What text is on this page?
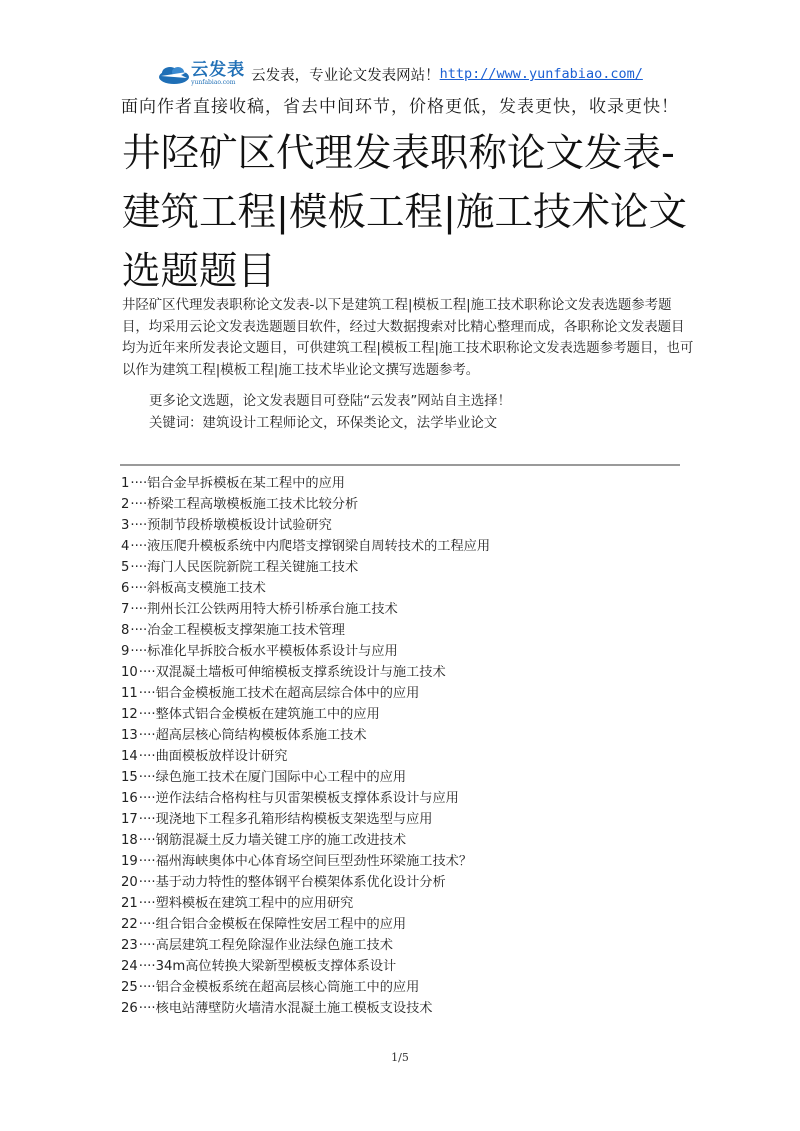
云发表
yunfabiao.com 云发表，专业论文发表网站！ http://www.yunfabiao.com/
面向作者直接收稿，省去中间环节，价格更低，发表更快，收录更快！
井陉矿区代理发表职称论文发表-建筑工程|模板工程|施工技术论文选题题目

井陉矿区代理发表职称论文发表-以下是建筑工程|模板工程|施工技术职称论文发表选题参考题目，均采用云论文发表选题题目软件，经过大数据搜索对比精心整理而成，各职称论文发表题目均为近年来所发表论文题目，可供建筑工程|模板工程|施工技术职称论文发表选题参考题目，也可以作为建筑工程|模板工程|施工技术毕业论文撰写选题参考。

更多论文选题，论文发表题目可登陆“云发表”网站自主选择！

关键词：建筑设计工程师论文，环保类论文，法学毕业论文

1····铝合金早拆模板在某工程中的应用
2····桥梁工程高墩模板施工技术比较分析
3····预制节段桥墩模板设计试验研究
4····液压爬升模板系统中内爬塔支撑钢梁自周转技术的工程应用
5····海门人民医院新院工程关键施工技术
6····斜板高支模施工技术
7····荆州长江公铁两用特大桥引桥承台施工技术
8····冶金工程模板支撑架施工技术管理
9····标准化早拆胶合板水平模板体系设计与应用
10····双混凝土墙板可伸缩模板支撑系统设计与施工技术
11····铝合金模板施工技术在超高层综合体中的应用
12····整体式铝合金模板在建筑施工中的应用
13····超高层核心筒结构模板体系施工技术
14····曲面模板放样设计研究
15····绿色施工技术在厦门国际中心工程中的应用
16····逆作法结合格构柱与贝雷架模板支撑体系设计与应用
17····现浇地下工程多孔箱形结构模板支架选型与应用
18····钢筋混凝土反力墙关键工序的施工改进技术
19····福州海峡奥体中心体育场空间巨型劲性环梁施工技术？
20····基于动力特性的整体钢平台模架体系优化设计分析
21····塑料模板在建筑工程中的应用研究
22····组合铝合金模板在保障性安居工程中的应用
23····高层建筑工程免除湿作业法绿色施工技术
24····34m高位转换大梁新型模板支撑体系设计
25····铝合金模板系统在超高层核心筒施工中的应用
26····核电站薄壁防火墙清水混凝土施工模板支设技术
1/5
